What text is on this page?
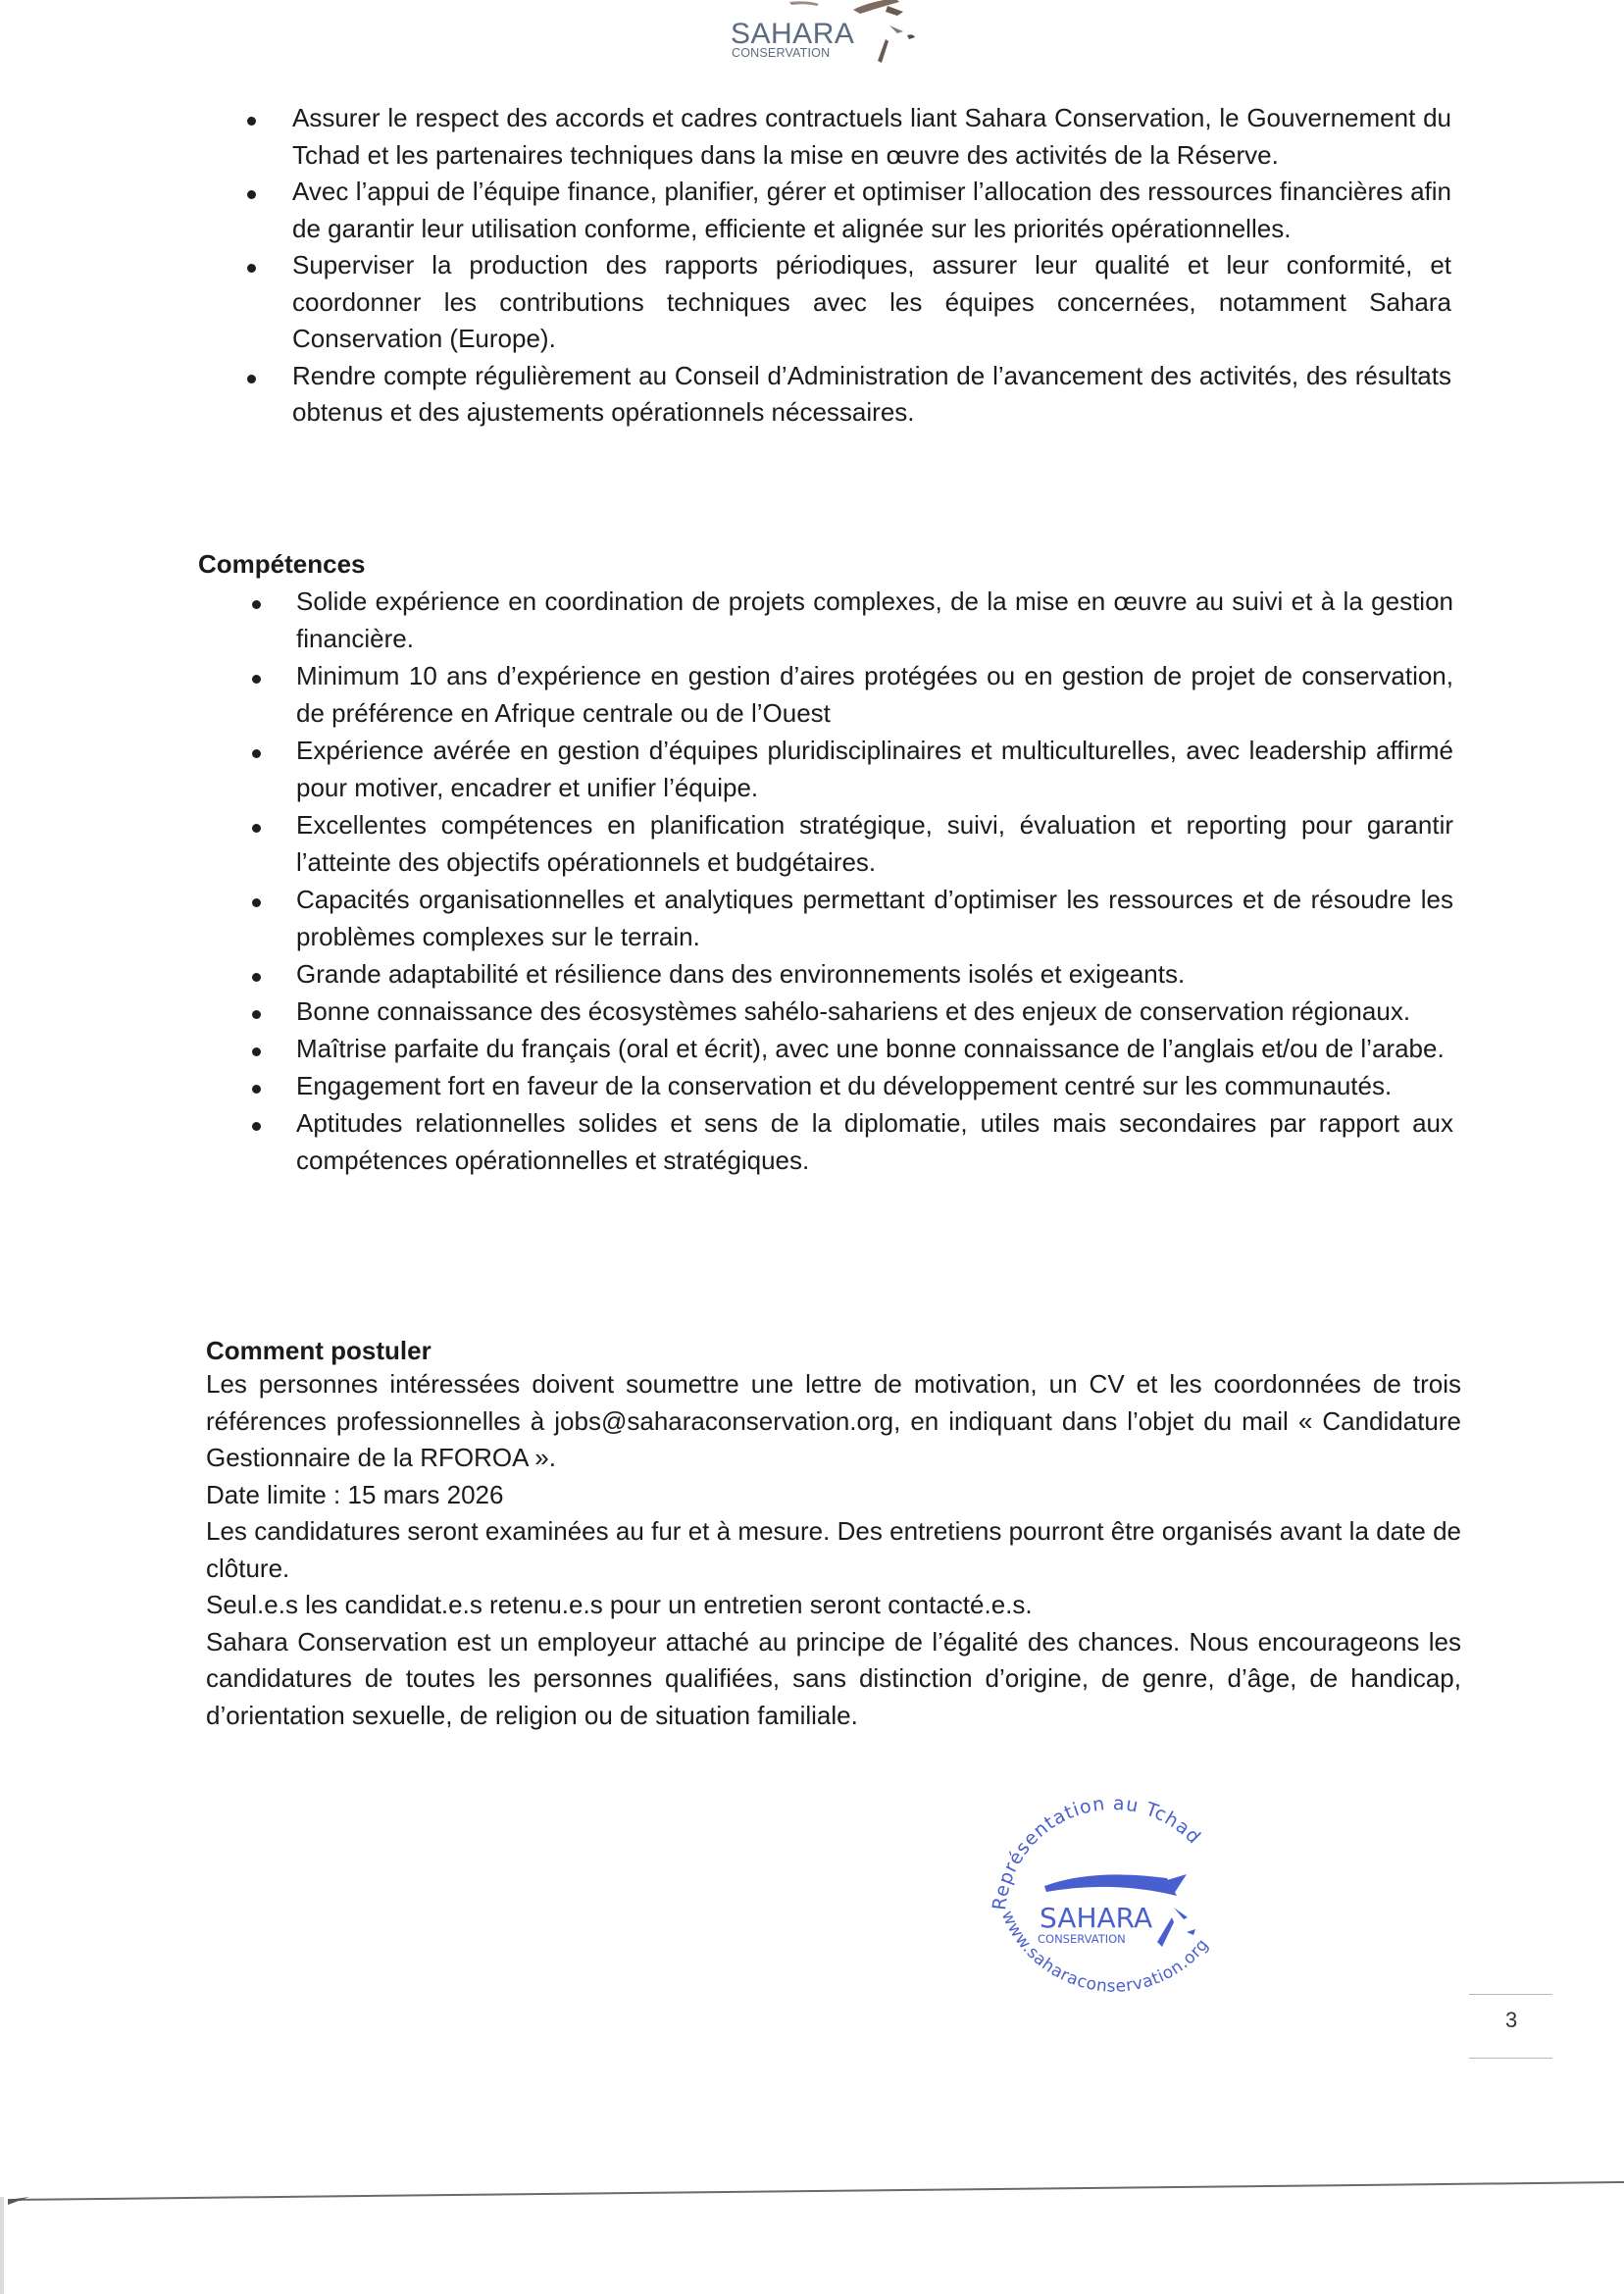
SAHARA
CONSERVATION
Assurer le respect des accords et cadres contractuels liant Sahara Conservation, le Gouvernement du Tchad et les partenaires techniques dans la mise en œuvre des activités de la Réserve.
Avec l’appui de l’équipe finance, planifier, gérer et optimiser l’allocation des ressources financières afin de garantir leur utilisation conforme, efficiente et alignée sur les priorités opérationnelles.
Superviser la production des rapports périodiques, assurer leur qualité et leur conformité, et coordonner les contributions techniques avec les équipes concernées, notamment Sahara Conservation (Europe).
Rendre compte régulièrement au Conseil d’Administration de l’avancement des activités, des résultats obtenus et des ajustements opérationnels nécessaires.
Compétences
Solide expérience en coordination de projets complexes, de la mise en œuvre au suivi et à la gestion financière.
Minimum 10 ans d’expérience en gestion d’aires protégées ou en gestion de projet de conservation, de préférence en Afrique centrale ou de l’Ouest
Expérience avérée en gestion d’équipes pluridisciplinaires et multiculturelles, avec leadership affirmé pour motiver, encadrer et unifier l’équipe.
Excellentes compétences en planification stratégique, suivi, évaluation et reporting pour garantir l’atteinte des objectifs opérationnels et budgétaires.
Capacités organisationnelles et analytiques permettant d’optimiser les ressources et de résoudre les problèmes complexes sur le terrain.
Grande adaptabilité et résilience dans des environnements isolés et exigeants.
Bonne connaissance des écosystèmes sahélo-sahariens et des enjeux de conservation régionaux.
Maîtrise parfaite du français (oral et écrit), avec une bonne connaissance de l’anglais et/ou de l’arabe.
Engagement fort en faveur de la conservation et du développement centré sur les communautés.
Aptitudes relationnelles solides et sens de la diplomatie, utiles mais secondaires par rapport aux compétences opérationnelles et stratégiques.
Comment postuler

Les personnes intéressées doivent soumettre une lettre de motivation, un CV et les coordonnées de trois références professionnelles à jobs@saharaconservation.org, en indiquant dans l’objet du mail « Candidature Gestionnaire de la RFOROA ».

Date limite : 15 mars 2026

Les candidatures seront examinées au fur et à mesure. Des entretiens pourront être organisés avant la date de clôture.

Seul.e.s les candidat.e.s retenu.e.s pour un entretien seront contacté.e.s.

Sahara Conservation est un employeur attaché au principe de l’égalité des chances. Nous encourageons les candidatures de toutes les personnes qualifiées, sans distinction d’origine, de genre, d’âge, de handicap, d’orientation sexuelle, de religion ou de situation familiale.

Représentation au Tchad
SAHARA
CONSERVATION
www.saharaconservation.org
3
